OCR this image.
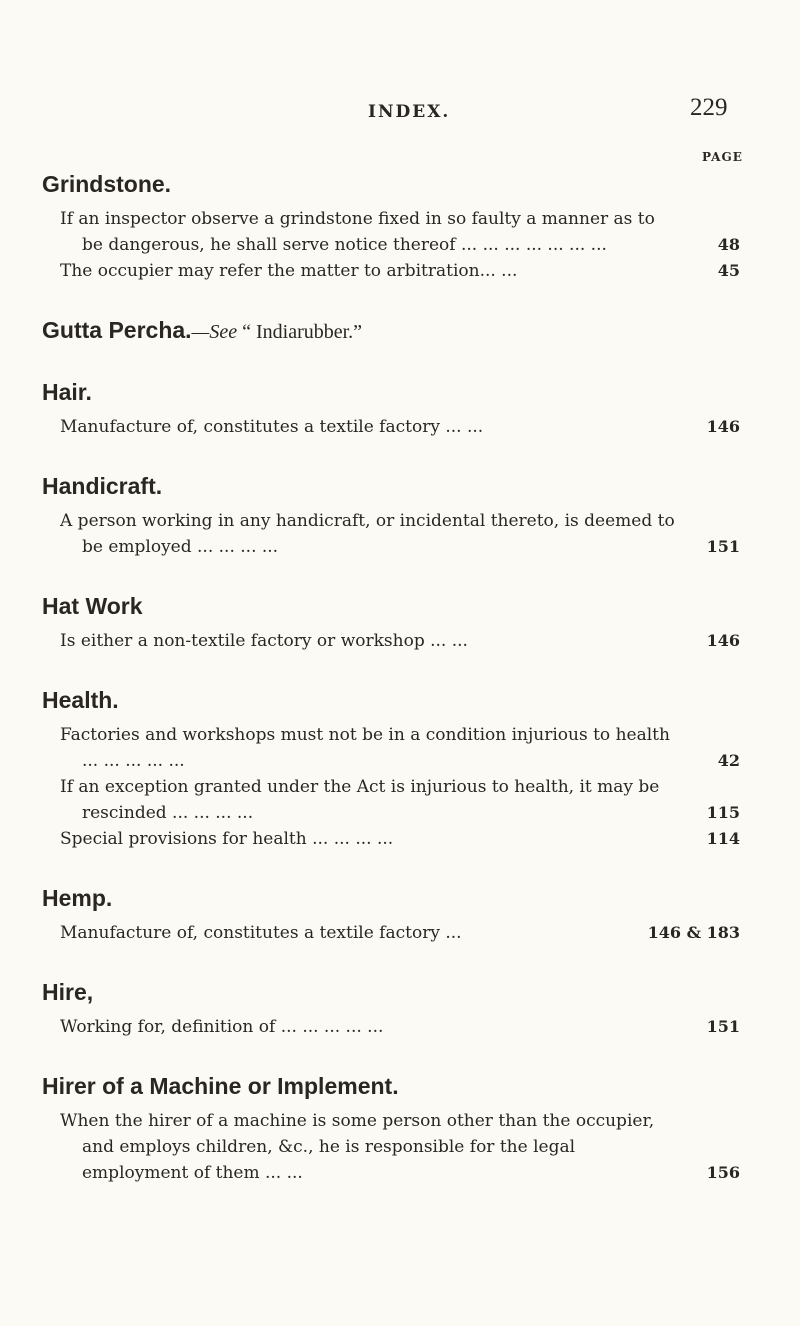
INDEX.	229
PAGE
Grindstone.
If an inspector observe a grindstone fixed in so faulty a manner as to be dangerous, he shall serve notice thereof ... ... ... ... ... ... ...	48
The occupier may refer the matter to arbitration... ...	45
Gutta Percha.—See “ Indiarubber.”
Hair.
Manufacture of, constitutes a textile factory ... ...	146
Handicraft.
A person working in any handicraft, or incidental thereto, is deemed to be employed ... ... ... ...	151
Hat Work
Is either a non-textile factory or workshop ... ...	146
Health.
Factories and workshops must not be in a condition injurious to health ... ... ... ... ...	42
If an exception granted under the Act is injurious to health, it may be rescinded ... ... ... ...	115
Special provisions for health ... ... ... ...	114
Hemp.
Manufacture of, constitutes a textile factory ...	146 & 183
Hire,
Working for, definition of ... ... ... ... ...	151
Hirer of a Machine or Implement.
When the hirer of a machine is some person other than the occupier, and employs children, &c., he is responsible for the legal employment of them ... ...	156
